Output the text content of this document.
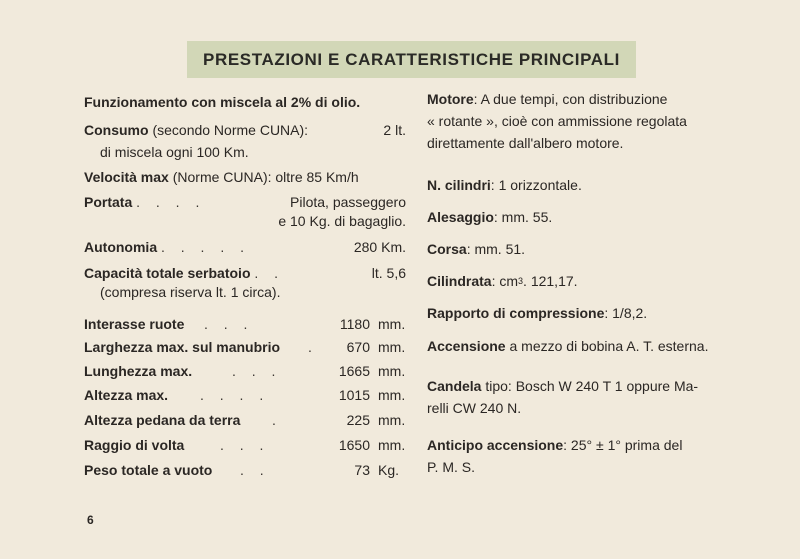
PRESTAZIONI E CARATTERISTICHE PRINCIPALI
Funzionamento con miscela al 2% di olio.
Consumo (secondo Norme CUNA):	2 lt.
di miscela ogni 100 Km.
Velocità max (Norme CUNA): oltre 85 Km/h
Portata . . . .	Pilota, passeggero
e 10 Kg. di bagaglio.
Autonomia . . . . .	280 Km.
Capacità totale serbatoio . .	lt. 5,6
(compresa riserva lt. 1 circa).
Interasse ruote . . .	1180 mm.
Larghezza max. sul manubrio .	670 mm.
Lunghezza max.	. . .	1665 mm.
Altezza max. . . . .	1015 mm.
Altezza pedana da terra .	225 mm.
Raggio di volta	. . .	1650 mm.
Peso totale a vuoto . .	73 Kg.
6
Motore: A due tempi, con distribuzione
« rotante », cioè con ammissione regolata
direttamente dall'albero motore.
N. cilindri: 1 orizzontale.
Alesaggio: mm. 55.
Corsa: mm. 51.
Cilindrata: $cm^3$. 121,17.
Rapporto di compressione: 1/8,2.
Accensione a mezzo di bobina A. T. esterna.
Candela tipo: Bosch W 240 T 1 oppure Ma-
relli CW 240 N.
Anticipo accensione: 25° ± 1° prima del
P. M. S.
